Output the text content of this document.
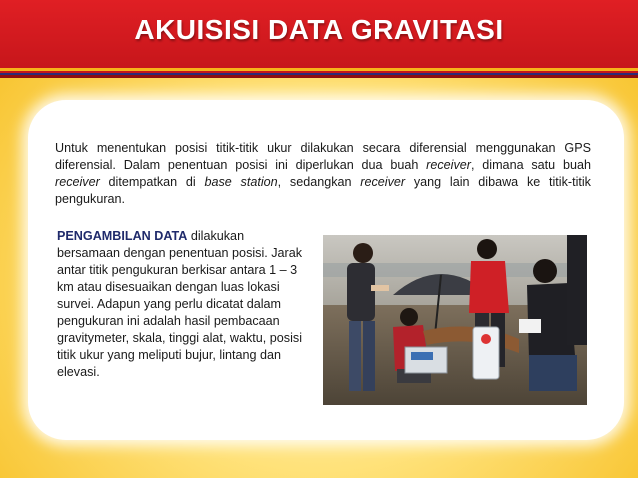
AKUISISI DATA GRAVITASI

Untuk menentukan posisi titik-titik ukur dilakukan secara diferensial menggunakan GPS diferensial. Dalam penentuan posisi ini diperlukan dua buah receiver, dimana satu buah receiver ditempatkan di base station, sedangkan receiver yang lain dibawa ke titik-titik pengukuran.

PENGAMBILAN DATA dilakukan bersamaan dengan penentuan posisi. Jarak antar titik pengukuran berkisar antara 1 – 3 km atau disesuaikan dengan luas lokasi survei. Adapun yang perlu dicatat dalam pengukuran ini adalah hasil pembacaan gravitymeter, skala, tinggi alat, waktu, posisi titik ukur yang meliputi bujur, lintang dan elevasi.
